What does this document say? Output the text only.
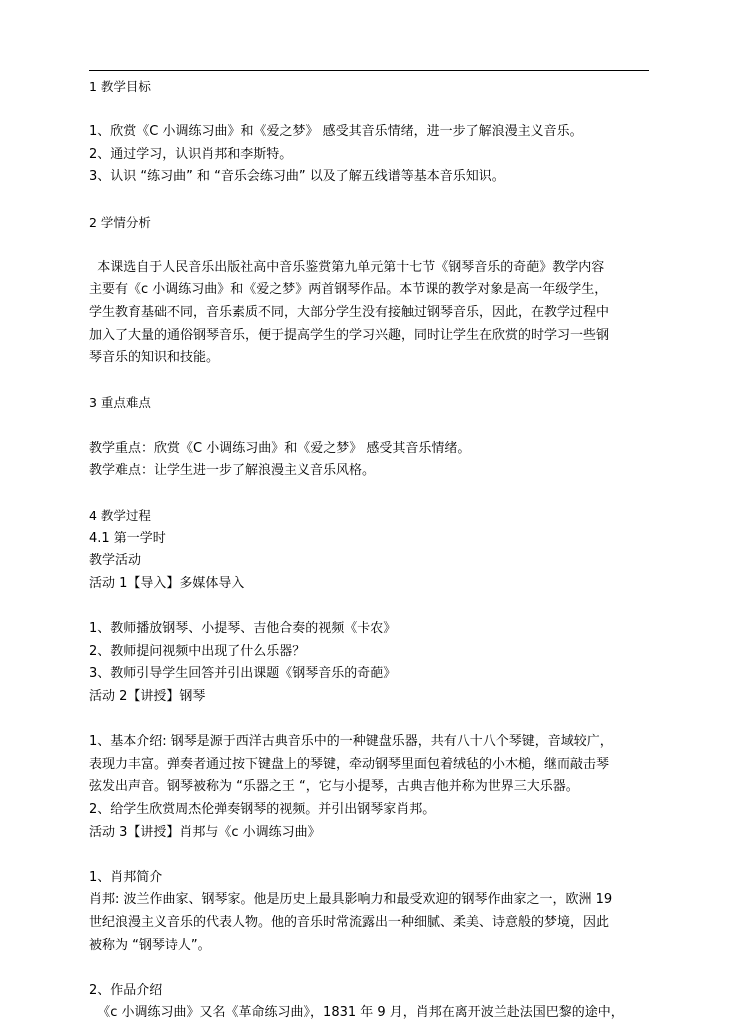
1 教学目标
1、欣赏《C 小调练习曲》和《爱之梦》 感受其音乐情绪，进一步了解浪漫主义音乐。
2、通过学习，认识肖邦和李斯特。
3、认识 “练习曲” 和 “音乐会练习曲” 以及了解五线谱等基本音乐知识。
2 学情分析
本课选自于人民音乐出版社高中音乐鉴赏第九单元第十七节《钢琴音乐的奇葩》教学内容
主要有《c 小调练习曲》和《爱之梦》两首钢琴作品。本节课的教学对象是高一年级学生，
学生教育基础不同，音乐素质不同，大部分学生没有接触过钢琴音乐，因此，在教学过程中
加入了大量的通俗钢琴音乐，便于提高学生的学习兴趣，同时让学生在欣赏的时学习一些钢
琴音乐的知识和技能。
3 重点难点
教学重点：欣赏《C 小调练习曲》和《爱之梦》 感受其音乐情绪。
教学难点：让学生进一步了解浪漫主义音乐风格。
4 教学过程
4.1 第一学时
教学活动
活动 1【导入】多媒体导入
1、教师播放钢琴、小提琴、吉他合奏的视频《卡农》
2、教师提问视频中出现了什么乐器？
3、教师引导学生回答并引出课题《钢琴音乐的奇葩》
活动 2【讲授】钢琴
1、基本介绍: 钢琴是源于西洋古典音乐中的一种键盘乐器，共有八十八个琴键，音域较广，
表现力丰富。弹奏者通过按下键盘上的琴键，牵动钢琴里面包着绒毡的小木槌，继而敲击琴
弦发出声音。钢琴被称为 “乐器之王 “，它与小提琴，古典吉他并称为世界三大乐器。
2、给学生欣赏周杰伦弹奏钢琴的视频。并引出钢琴家肖邦。
活动 3【讲授】肖邦与《c 小调练习曲》
1、肖邦简介
肖邦: 波兰作曲家、钢琴家。他是历史上最具影响力和最受欢迎的钢琴作曲家之一，欧洲 19
世纪浪漫主义音乐的代表人物。他的音乐时常流露出一种细腻、柔美、诗意般的梦境，因此
被称为 “钢琴诗人”。
2、作品介绍
《c 小调练习曲》又名《革命练习曲》，1831 年 9 月，肖邦在离开波兰赴法国巴黎的途中，
